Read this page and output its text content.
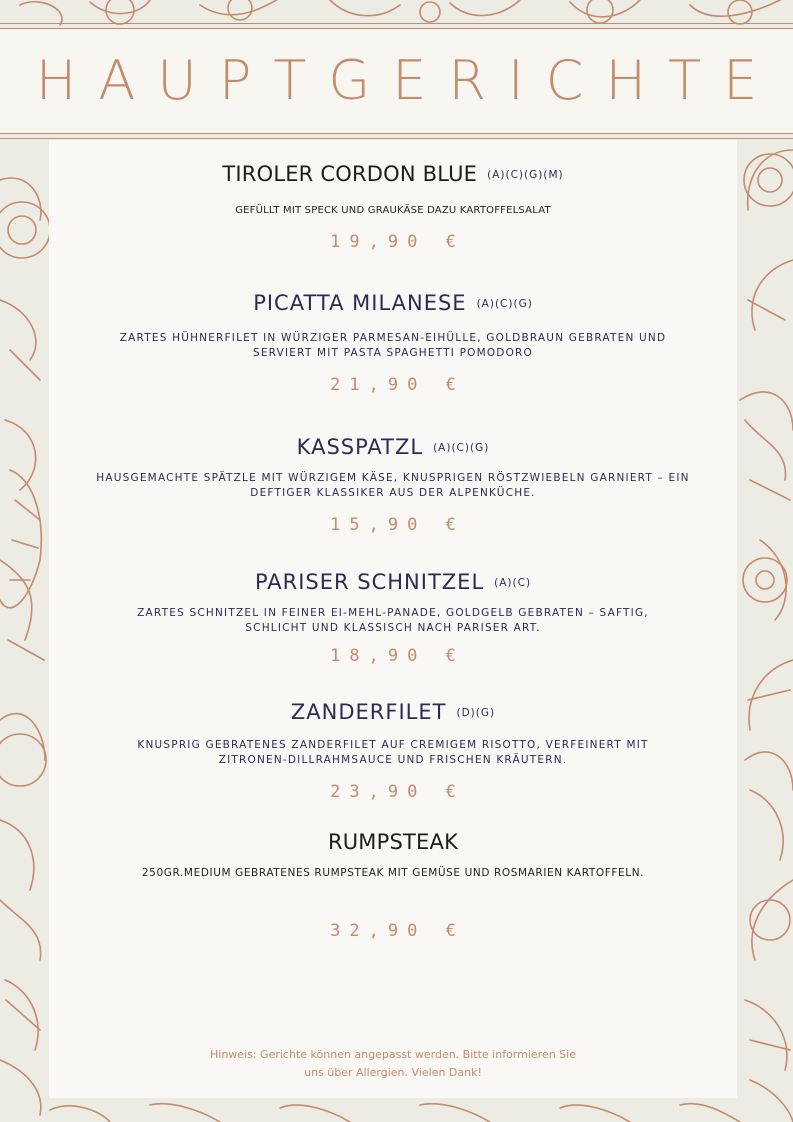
HAUPTGERICHTE
TIROLER CORDON BLUE (A)(C)(G)(M)
GEFÜLLT MIT SPECK UND GRAUKÄSE DAZU KARTOFFELSALAT
19,90 €
PICATTA MILANESE (A)(C)(G)
ZARTES HÜHNERFILET IN WÜRZIGER PARMESAN-EIHÜLLE, GOLDBRAUN GEBRATEN UND SERVIERT MIT PASTA SPAGHETTI POMODORO
21,90 €
KASSPATZL (A)(C)(G)
HAUSGEMACHTE SPÄTZLE MIT WÜRZIGEM KÄSE, KNUSPRIGEN RÖSTZWIEBELN GARNIERT – EIN DEFTIGER KLASSIKER AUS DER ALPENKÜCHE.
15,90 €
PARISER SCHNITZEL (A)(C)
ZARTES SCHNITZEL IN FEINER EI-MEHL-PANADE, GOLDGELB GEBRATEN – SAFTIG, SCHLICHT UND KLASSISCH NACH PARISER ART.
18,90 €
ZANDERFILET (D)(G)
KNUSPRIG GEBRATENES ZANDERFILET AUF CREMIGEM RISOTTO, VERFEINERT MIT ZITRONEN-DILLRAHMSAUCE UND FRISCHEN KRÄUTERN.
23,90 €
RUMPSTEAK
250GR.MEDIUM GEBRATENES RUMPSTEAK MIT GEMÜSE UND ROSMARIEN KARTOFFELN.
32,90 €
Hinweis: Gerichte können angepasst werden. Bitte informieren Sie
uns über Allergien. Vielen Dank!
